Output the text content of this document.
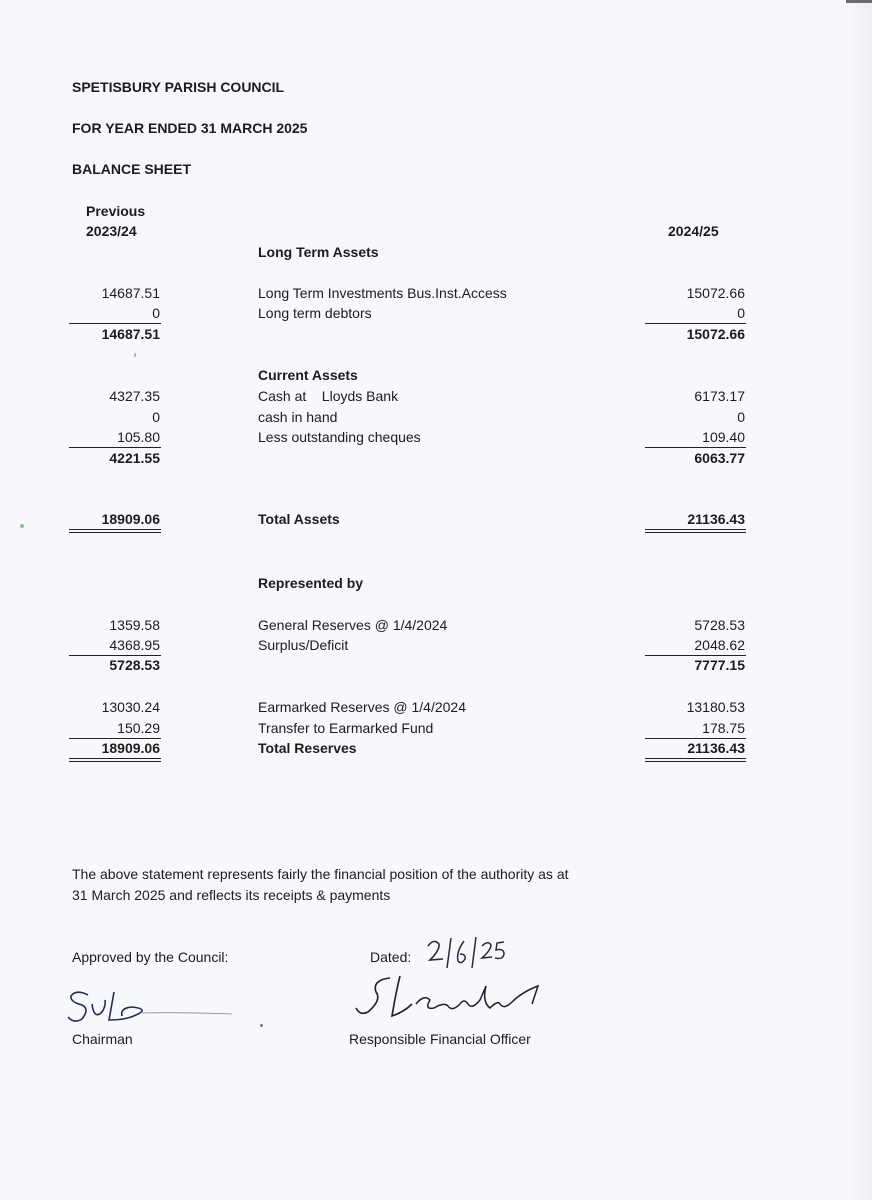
SPETISBURY PARISH COUNCIL
FOR YEAR ENDED 31 MARCH 2025
BALANCE SHEET
Previous
2023/24	2024/25
Long Term Assets
14687.51	Long Term Investments Bus.Inst.Access	15072.66
0	Long term debtors	0
14687.51	15072.66
Current Assets
4327.35	Cash at    Lloyds Bank	6173.17
0	cash in hand	0
105.80	Less outstanding cheques	109.40
4221.55	6063.77
18909.06	Total Assets	21136.43
Represented by
1359.58	General Reserves @ 1/4/2024	5728.53
4368.95	Surplus/Deficit	2048.62
5728.53	7777.15
13030.24	Earmarked Reserves @ 1/4/2024	13180.53
150.29	Transfer to Earmarked Fund	178.75
18909.06	Total Reserves	21136.43
The above statement represents fairly the financial position of the authority as at
31 March 2025 and reflects its receipts & payments
Approved by the Council:	Dated:
Chairman	Responsible Financial Officer
